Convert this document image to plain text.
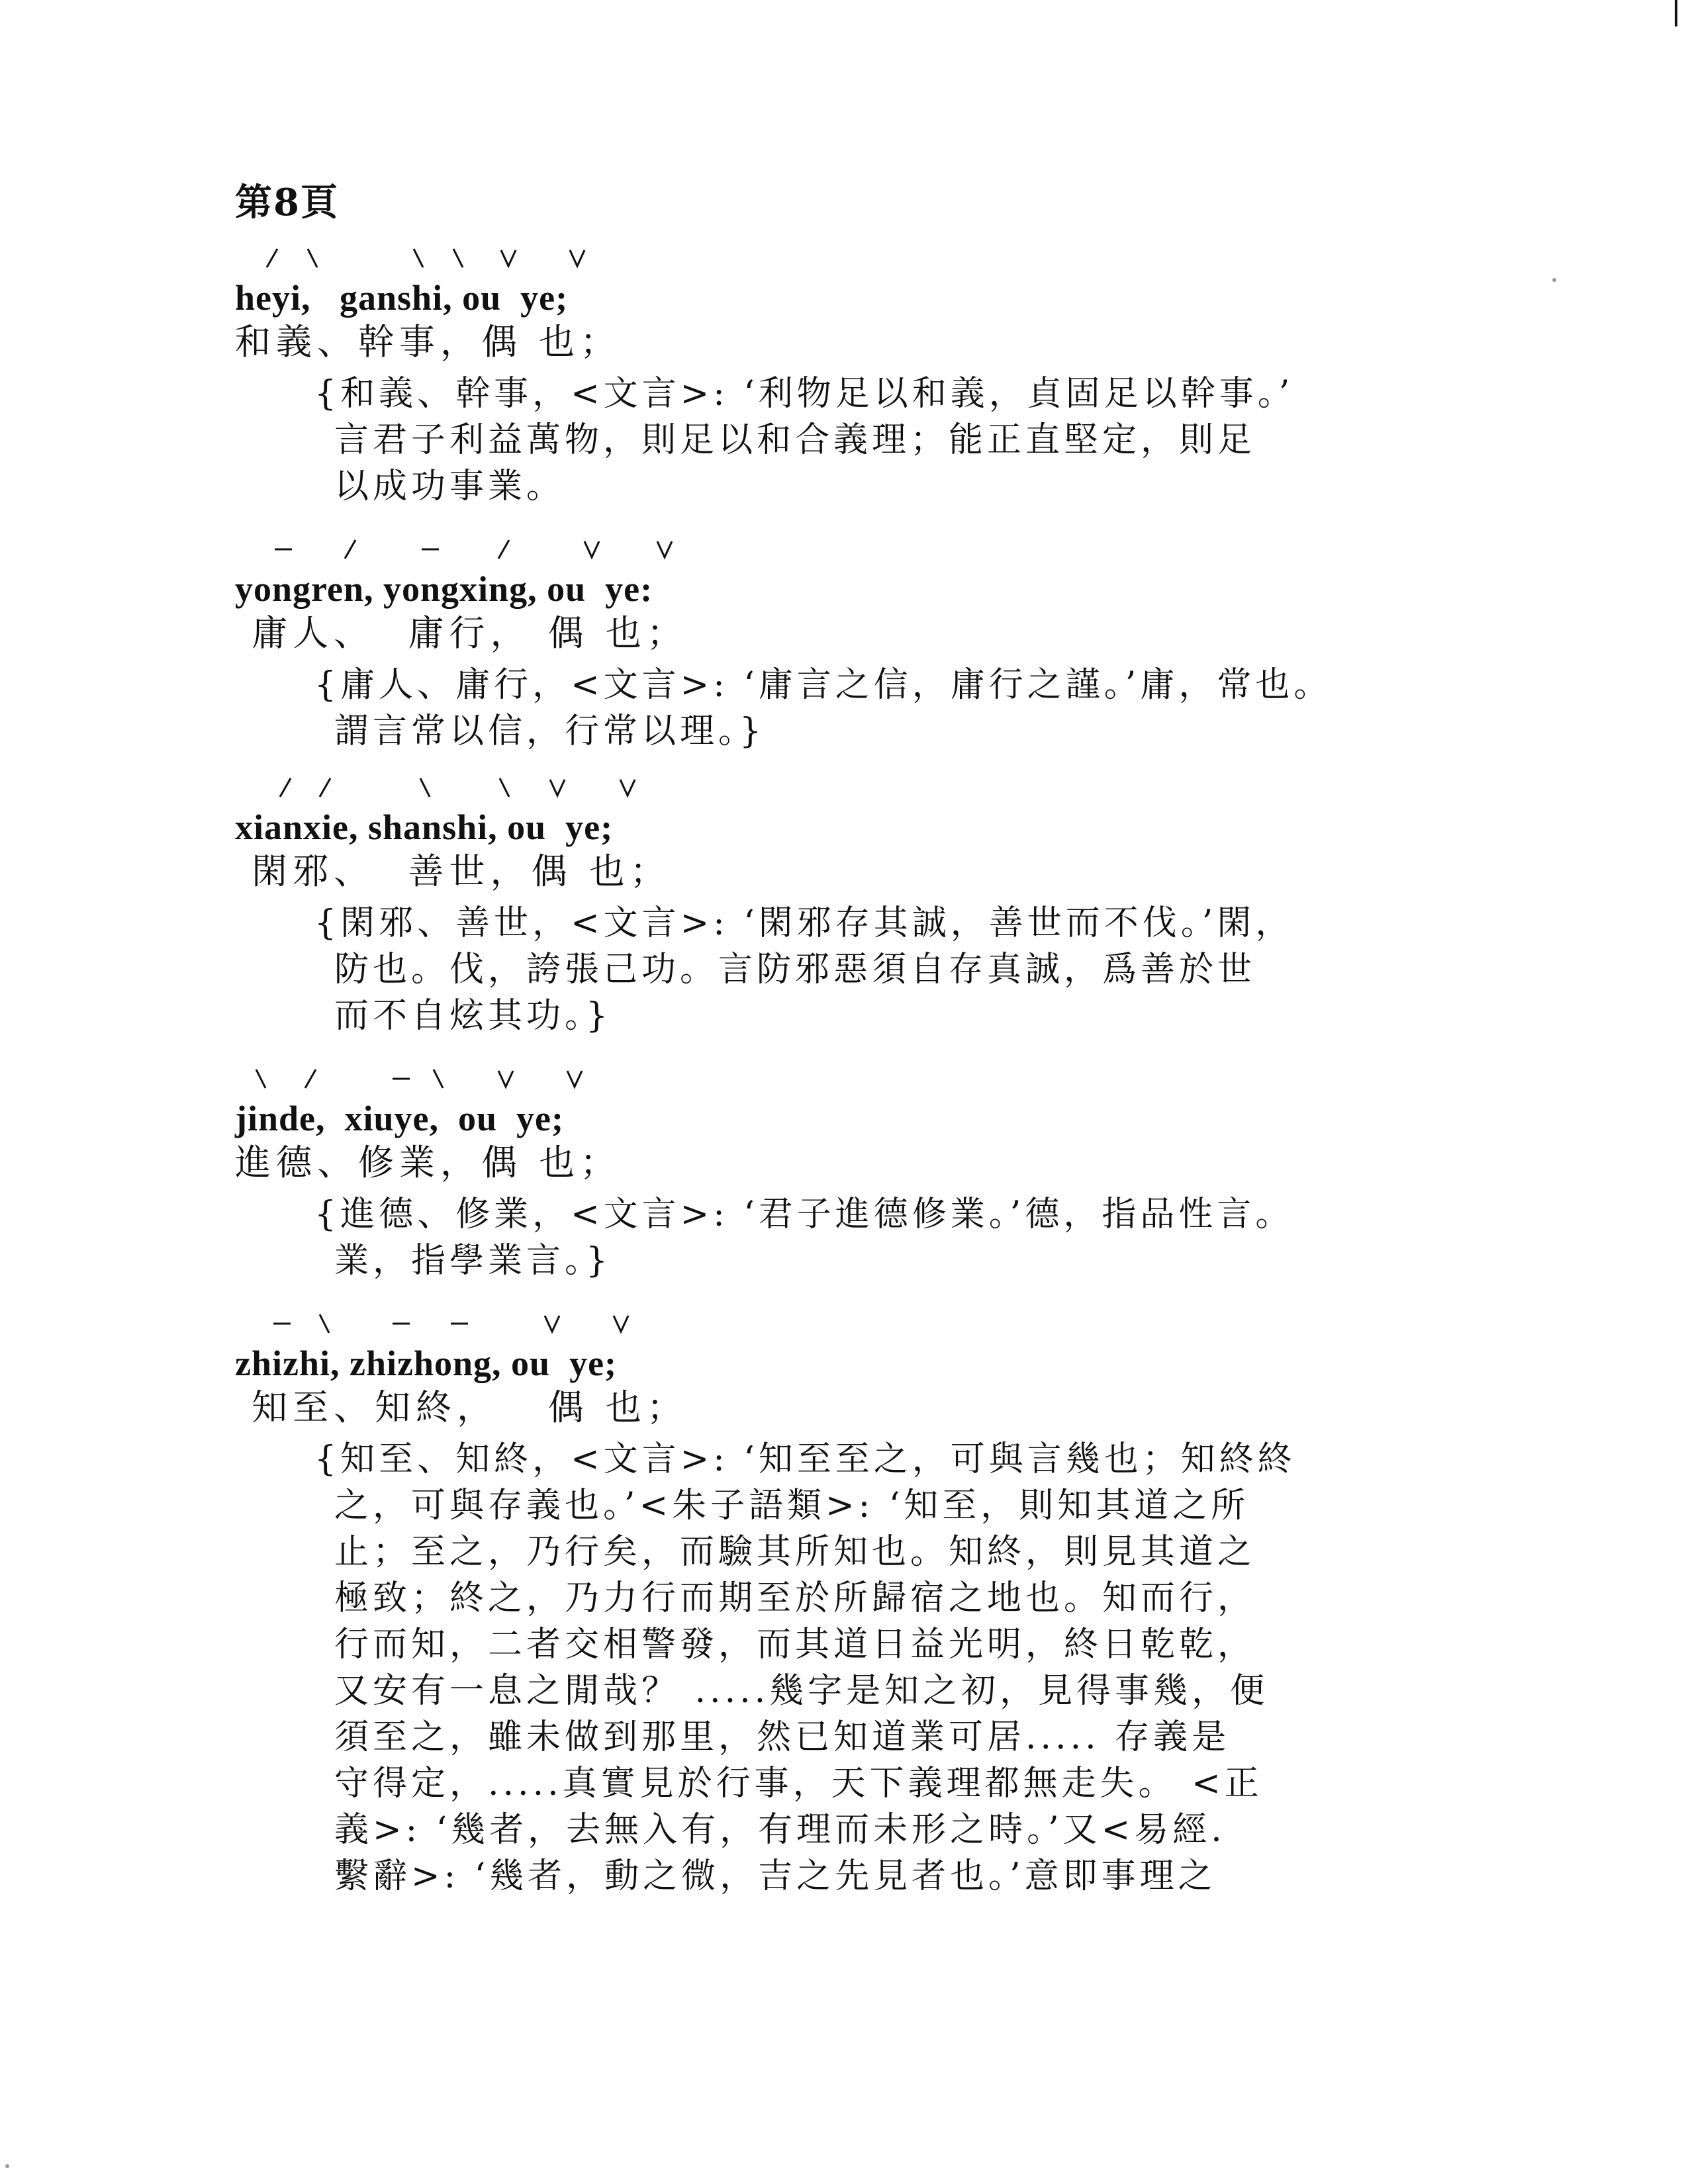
第8頁
heyi,   ganshi, ou  ye;
和義、幹事，偶 也；

{和義、幹事，<文言>: ‘利物足以和義，貞固足以幹事。’

言君子利益萬物，則足以和合義理；能正直堅定，則足

以成功事業。

yongren, yongxing, ou  ye:
庸人、  庸行， 偶 也；

{庸人、庸行，<文言>: ‘庸言之信，庸行之謹。’庸，常也。

謂言常以信，行常以理。}

xianxie, shanshi, ou  ye;
閑邪、  善世，偶 也；

{閑邪、善世，<文言>: ‘閑邪存其誠，善世而不伐。’閑，

防也。伐，誇張己功。言防邪惡須自存真誠，爲善於世

而不自炫其功。}

jinde,  xiuye,  ou  ye;
進德、修業，偶 也；

{進德、修業，<文言>: ‘君子進德修業。’德，指品性言。

業，指學業言。}

zhizhi, zhizhong, ou  ye;
知至、知終，   偶 也；

{知至、知終，<文言>: ‘知至至之，可與言幾也；知終終

之，可與存義也。’<朱子語類>: ‘知至，則知其道之所

止；至之，乃行矣，而驗其所知也。知終，則見其道之

極致；終之，乃力行而期至於所歸宿之地也。知而行，

行而知，二者交相警發，而其道日益光明，終日乾乾，

又安有一息之閒哉？ .....幾字是知之初，見得事幾，便

須至之，雖未做到那里，然已知道業可居..... 存義是

守得定，.....真實見於行事，天下義理都無走失。 <正

義>: ‘幾者，去無入有，有理而未形之時。’又<易經.

繫辭>: ‘幾者，動之微，吉之先見者也。’意即事理之
